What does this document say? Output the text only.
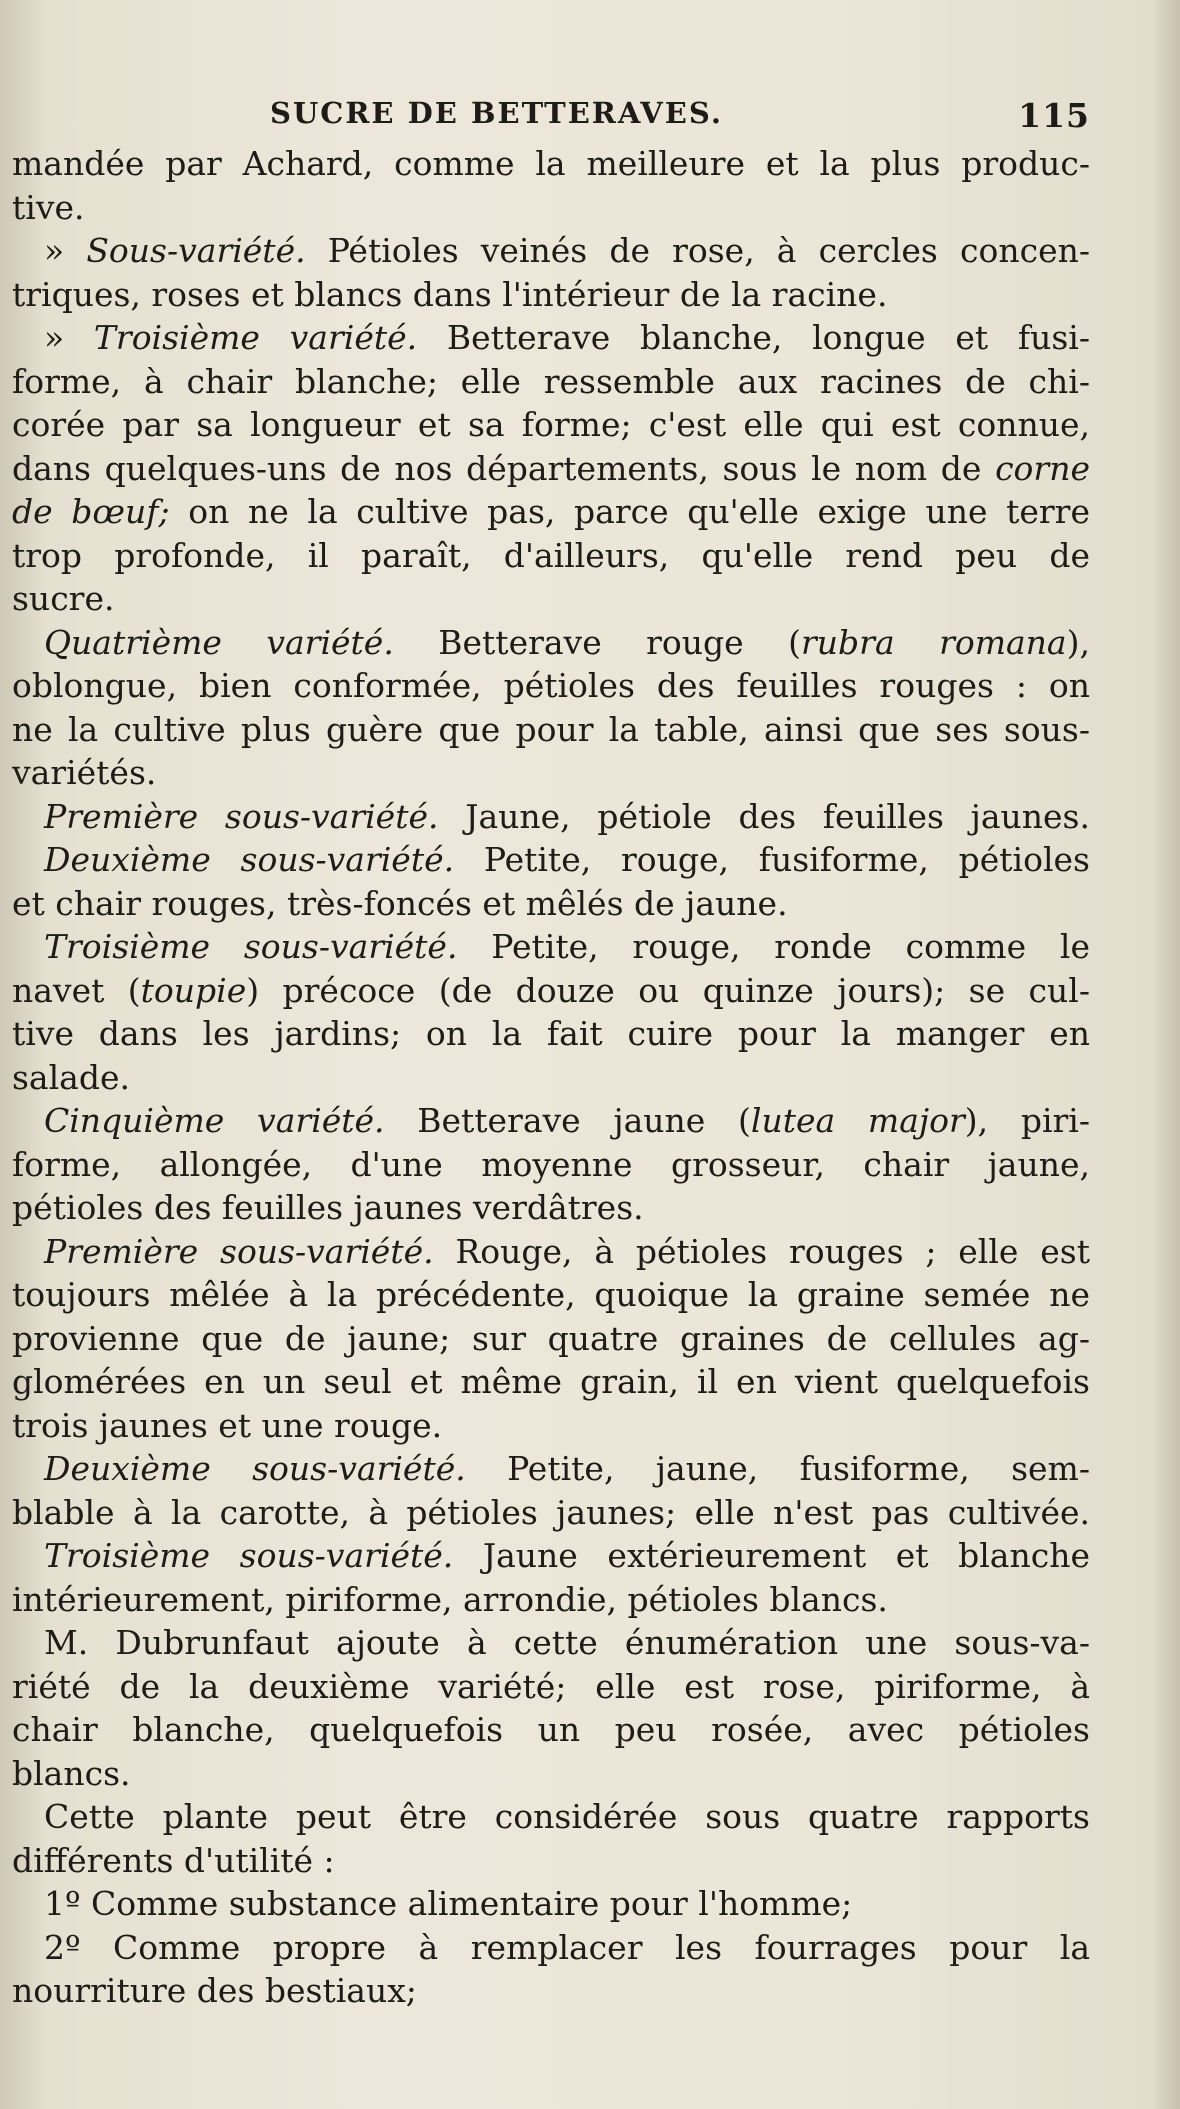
SUCRE DE BETTERAVES.	115
mandée par Achard, comme la meilleure et la plus produc-
tive.
» Sous-variété. Pétioles veinés de rose, à cercles concen-
triques, roses et blancs dans l'intérieur de la racine.
» Troisième variété. Betterave blanche, longue et fusi-
forme, à chair blanche; elle ressemble aux racines de chi-
corée par sa longueur et sa forme; c'est elle qui est connue,
dans quelques-uns de nos départements, sous le nom de corne
de bœuf; on ne la cultive pas, parce qu'elle exige une terre
trop profonde, il paraît, d'ailleurs, qu'elle rend peu de
sucre.
Quatrième variété. Betterave rouge (rubra romana),
oblongue, bien conformée, pétioles des feuilles rouges : on
ne la cultive plus guère que pour la table, ainsi que ses sous-
variétés.
Première sous-variété. Jaune, pétiole des feuilles jaunes.
Deuxième sous-variété. Petite, rouge, fusiforme, pétioles
et chair rouges, très-foncés et mêlés de jaune.
Troisième sous-variété. Petite, rouge, ronde comme le
navet (toupie) précoce (de douze ou quinze jours); se cul-
tive dans les jardins; on la fait cuire pour la manger en
salade.
Cinquième variété. Betterave jaune (lutea major), piri-
forme, allongée, d'une moyenne grosseur, chair jaune,
pétioles des feuilles jaunes verdâtres.
Première sous-variété. Rouge, à pétioles rouges ; elle est
toujours mêlée à la précédente, quoique la graine semée ne
provienne que de jaune; sur quatre graines de cellules ag-
glomérées en un seul et même grain, il en vient quelquefois
trois jaunes et une rouge.
Deuxième sous-variété. Petite, jaune, fusiforme, sem-
blable à la carotte, à pétioles jaunes; elle n'est pas cultivée.
Troisième sous-variété. Jaune extérieurement et blanche
intérieurement, piriforme, arrondie, pétioles blancs.
M. Dubrunfaut ajoute à cette énumération une sous-va-
riété de la deuxième variété; elle est rose, piriforme, à
chair blanche, quelquefois un peu rosée, avec pétioles
blancs.
Cette plante peut être considérée sous quatre rapports
différents d'utilité :
1º Comme substance alimentaire pour l'homme;
2º Comme propre à remplacer les fourrages pour la
nourriture des bestiaux;
